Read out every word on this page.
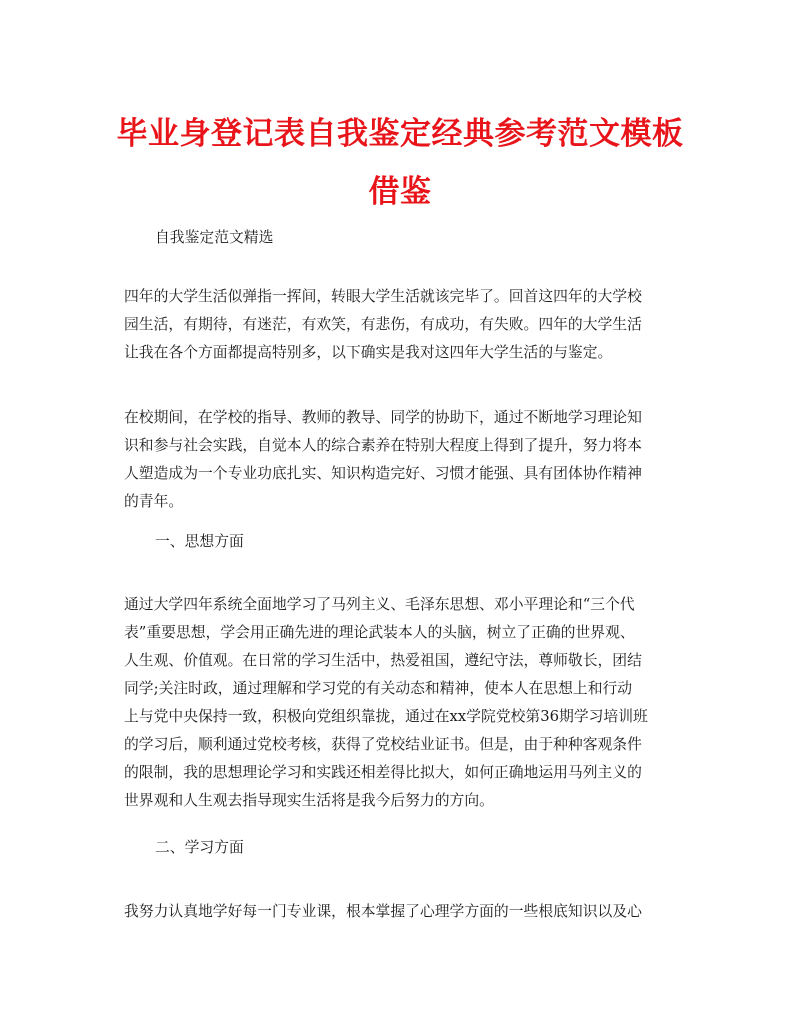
毕业身登记表自我鉴定经典参考范文模板
借鉴
自我鉴定范文精选
四年的大学生活似弹指一挥间，转眼大学生活就该完毕了。回首这四年的大学校
园生活，有期待，有迷茫，有欢笑，有悲伤，有成功，有失败。四年的大学生活
让我在各个方面都提高特别多，以下确实是我对这四年大学生活的与鉴定。
在校期间，在学校的指导、教师的教导、同学的协助下，通过不断地学习理论知
识和参与社会实践，自觉本人的综合素养在特别大程度上得到了提升，努力将本
人塑造成为一个专业功底扎实、知识构造完好、习惯才能强、具有团体协作精神
的青年。
一、思想方面
通过大学四年系统全面地学习了马列主义、毛泽东思想、邓小平理论和“三个代
表”重要思想，学会用正确先进的理论武装本人的头脑，树立了正确的世界观、
人生观、价值观。在日常的学习生活中，热爱祖国，遵纪守法，尊师敬长，团结
同学;关注时政，通过理解和学习党的有关动态和精神，使本人在思想上和行动
上与党中央保持一致，积极向党组织靠拢，通过在xx学院党校第36期学习培训班
的学习后，顺利通过党校考核，获得了党校结业证书。但是，由于种种客观条件
的限制，我的思想理论学习和实践还相差得比拟大，如何正确地运用马列主义的
世界观和人生观去指导现实生活将是我今后努力的方向。
二、学习方面
我努力认真地学好每一门专业课，根本掌握了心理学方面的一些根底知识以及心
